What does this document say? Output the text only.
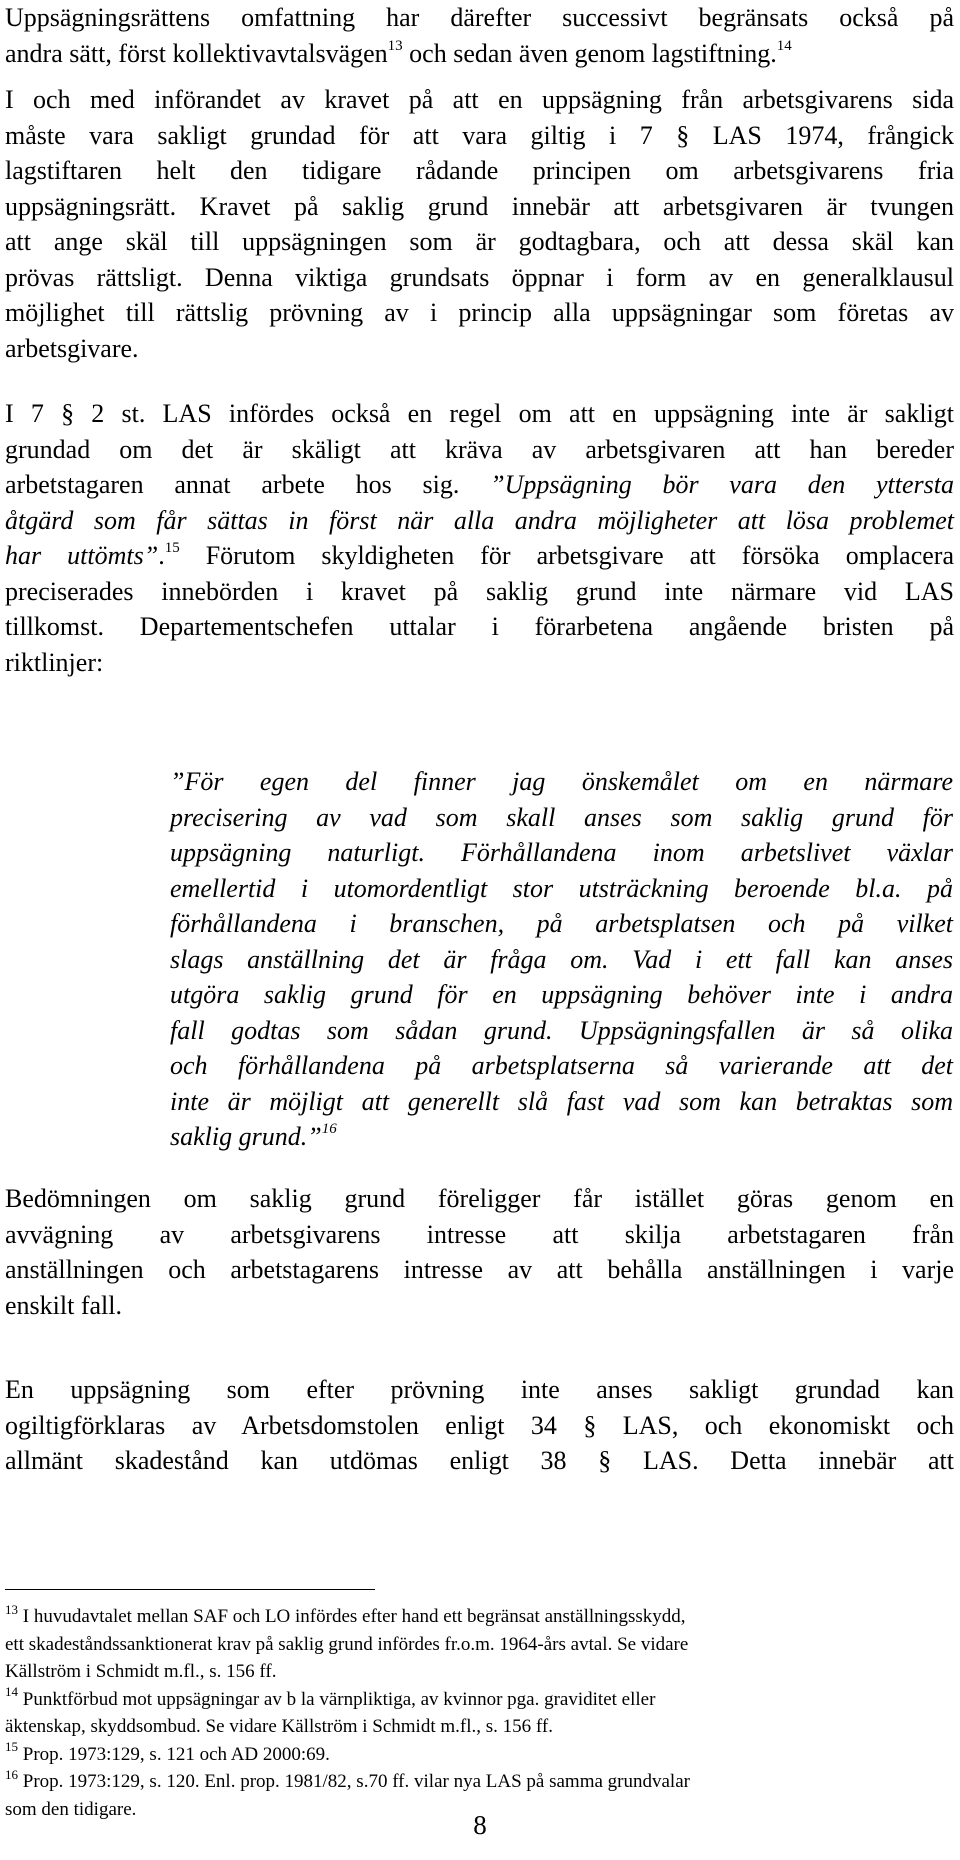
Uppsägningsrättens omfattning har därefter successivt begränsats också på
andra sätt, först kollektivavtalsvägen$^{13}$ och sedan även genom lagstiftning.$^{14}$
I och med införandet av kravet på att en uppsägning från arbetsgivarens sida
måste vara sakligt grundad för att vara giltig i 7 § LAS 1974, frångick
lagstiftaren helt den tidigare rådande principen om arbetsgivarens fria
uppsägningsrätt. Kravet på saklig grund innebär att arbetsgivaren är tvungen
att ange skäl till uppsägningen som är godtagbara, och att dessa skäl kan
prövas rättsligt. Denna viktiga grundsats öppnar i form av en generalklausul
möjlighet till rättslig prövning av i princip alla uppsägningar som företas av
arbetsgivare.
I 7 § 2 st. LAS infördes också en regel om att en uppsägning inte är sakligt
grundad om det är skäligt att kräva av arbetsgivaren att han bereder
arbetstagaren annat arbete hos sig. ”Uppsägning bör vara den yttersta
åtgärd som får sättas in först när alla andra möjligheter att lösa problemet
har uttömts”.$^{15}$ Förutom skyldigheten för arbetsgivare att försöka omplacera
preciserades innebörden i kravet på saklig grund inte närmare vid LAS
tillkomst. Departementschefen uttalar i förarbetena angående bristen på
riktlinjer:
”För egen del finner jag önskemålet om en närmare
precisering av vad som skall anses som saklig grund för
uppsägning naturligt. Förhållandena inom arbetslivet växlar
emellertid i utomordentligt stor utsträckning beroende bl.a. på
förhållandena i branschen, på arbetsplatsen och på vilket
slags anställning det är fråga om. Vad i ett fall kan anses
utgöra saklig grund för en uppsägning behöver inte i andra
fall godtas som sådan grund. Uppsägningsfallen är så olika
och förhållandena på arbetsplatserna så varierande att det
inte är möjligt att generellt slå fast vad som kan betraktas som
saklig grund.”$^{16}$
Bedömningen om saklig grund föreligger får istället göras genom en
avvägning av arbetsgivarens intresse att skilja arbetstagaren från
anställningen och arbetstagarens intresse av att behålla anställningen i varje
enskilt fall.
En uppsägning som efter prövning inte anses sakligt grundad kan
ogiltigförklaras av Arbetsdomstolen enligt 34 § LAS, och ekonomiskt och
allmänt skadestånd kan utdömas enligt 38 § LAS. Detta innebär att
$^{13}$ I huvudavtalet mellan SAF och LO infördes efter hand ett begränsat anställningsskydd,
ett skadeståndssanktionerat krav på saklig grund infördes fr.o.m. 1964-års avtal. Se vidare
Källström i Schmidt m.fl., s. 156 ff.
$^{14}$ Punktförbud mot uppsägningar av b la värnpliktiga, av kvinnor pga. graviditet eller
äktenskap, skyddsombud. Se vidare Källström i Schmidt m.fl., s. 156 ff.
$^{15}$ Prop. 1973:129, s. 121 och AD 2000:69.
$^{16}$ Prop. 1973:129, s. 120. Enl. prop. 1981/82, s.70 ff. vilar nya LAS på samma grundvalar
som den tidigare.
8
